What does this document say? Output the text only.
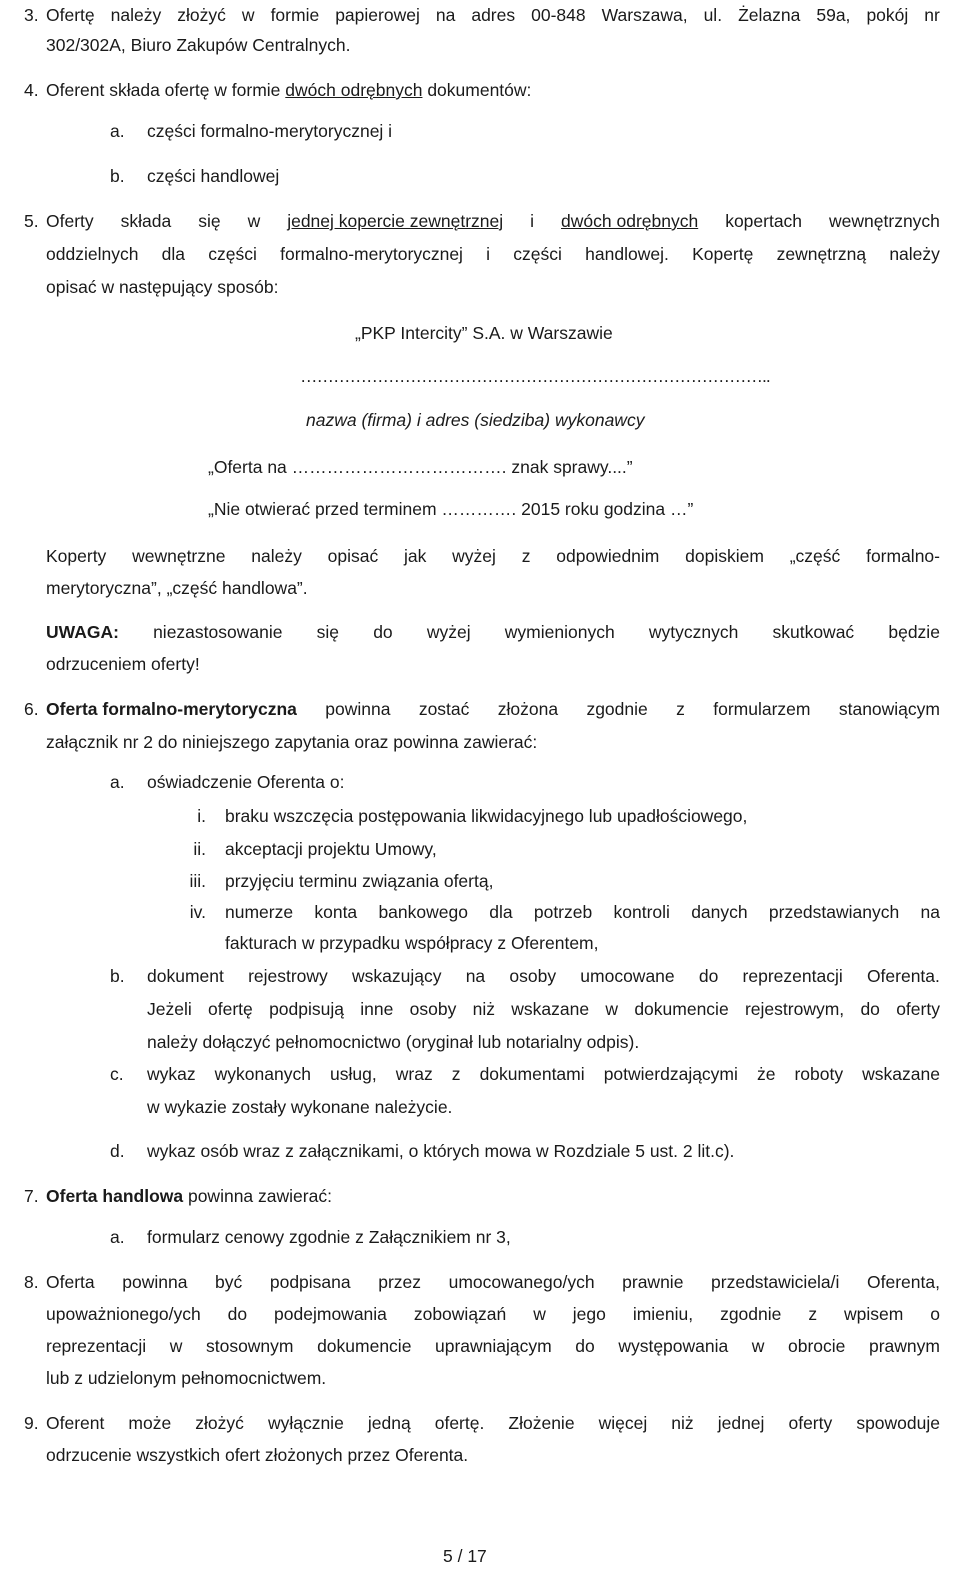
3. Ofertę należy złożyć w formie papierowej na adres 00-848 Warszawa, ul. Żelazna 59a, pokój nr
302/302A, Biuro Zakupów Centralnych.
4. Oferent składa ofertę w formie dwóch odrębnych dokumentów:
a. części formalno-merytorycznej i
b. części handlowej
5. Oferty składa się w jednej kopercie zewnętrznej i dwóch odrębnych kopertach wewnętrznych
oddzielnych dla części formalno-merytorycznej i części handlowej. Kopertę zewnętrzną należy
opisać w następujący sposób:
„PKP Intercity” S.A. w Warszawie
…………………………………………………………………………..
nazwa (firma) i adres (siedziba) wykonawcy
„Oferta na ………………………………. znak sprawy....”
„Nie otwierać przed terminem …………. 2015 roku godzina …”
Koperty wewnętrzne należy opisać jak wyżej z odpowiednim dopiskiem „część formalno-
merytoryczna”, „część handlowa”.
UWAGA: niezastosowanie się do wyżej wymienionych wytycznych skutkować będzie
odrzuceniem oferty!
6. Oferta formalno-merytoryczna powinna zostać złożona zgodnie z formularzem stanowiącym
załącznik nr 2 do niniejszego zapytania oraz powinna zawierać:
a. oświadczenie Oferenta o:
i. braku wszczęcia postępowania likwidacyjnego lub upadłościowego,
ii. akceptacji projektu Umowy,
iii. przyjęciu terminu związania ofertą,
iv. numerze konta bankowego dla potrzeb kontroli danych przedstawianych na
fakturach w przypadku współpracy z Oferentem,
b. dokument rejestrowy wskazujący na osoby umocowane do reprezentacji Oferenta.
Jeżeli ofertę podpisują inne osoby niż wskazane w dokumencie rejestrowym, do oferty
należy dołączyć pełnomocnictwo (oryginał lub notarialny odpis).
c. wykaz wykonanych usług, wraz z dokumentami potwierdzającymi że roboty wskazane
w wykazie zostały wykonane należycie.
d. wykaz osób wraz z załącznikami, o których mowa w Rozdziale 5 ust. 2 lit.c).
7. Oferta handlowa powinna zawierać:
a. formularz cenowy zgodnie z Załącznikiem nr 3,
8. Oferta powinna być podpisana przez umocowanego/ych prawnie przedstawiciela/i Oferenta,
upoważnionego/ych do podejmowania zobowiązań w jego imieniu, zgodnie z wpisem o
reprezentacji w stosownym dokumencie uprawniającym do występowania w obrocie prawnym
lub z udzielonym pełnomocnictwem.
9. Oferent może złożyć wyłącznie jedną ofertę. Złożenie więcej niż jednej oferty spowoduje
odrzucenie wszystkich ofert złożonych przez Oferenta.
5 / 17
